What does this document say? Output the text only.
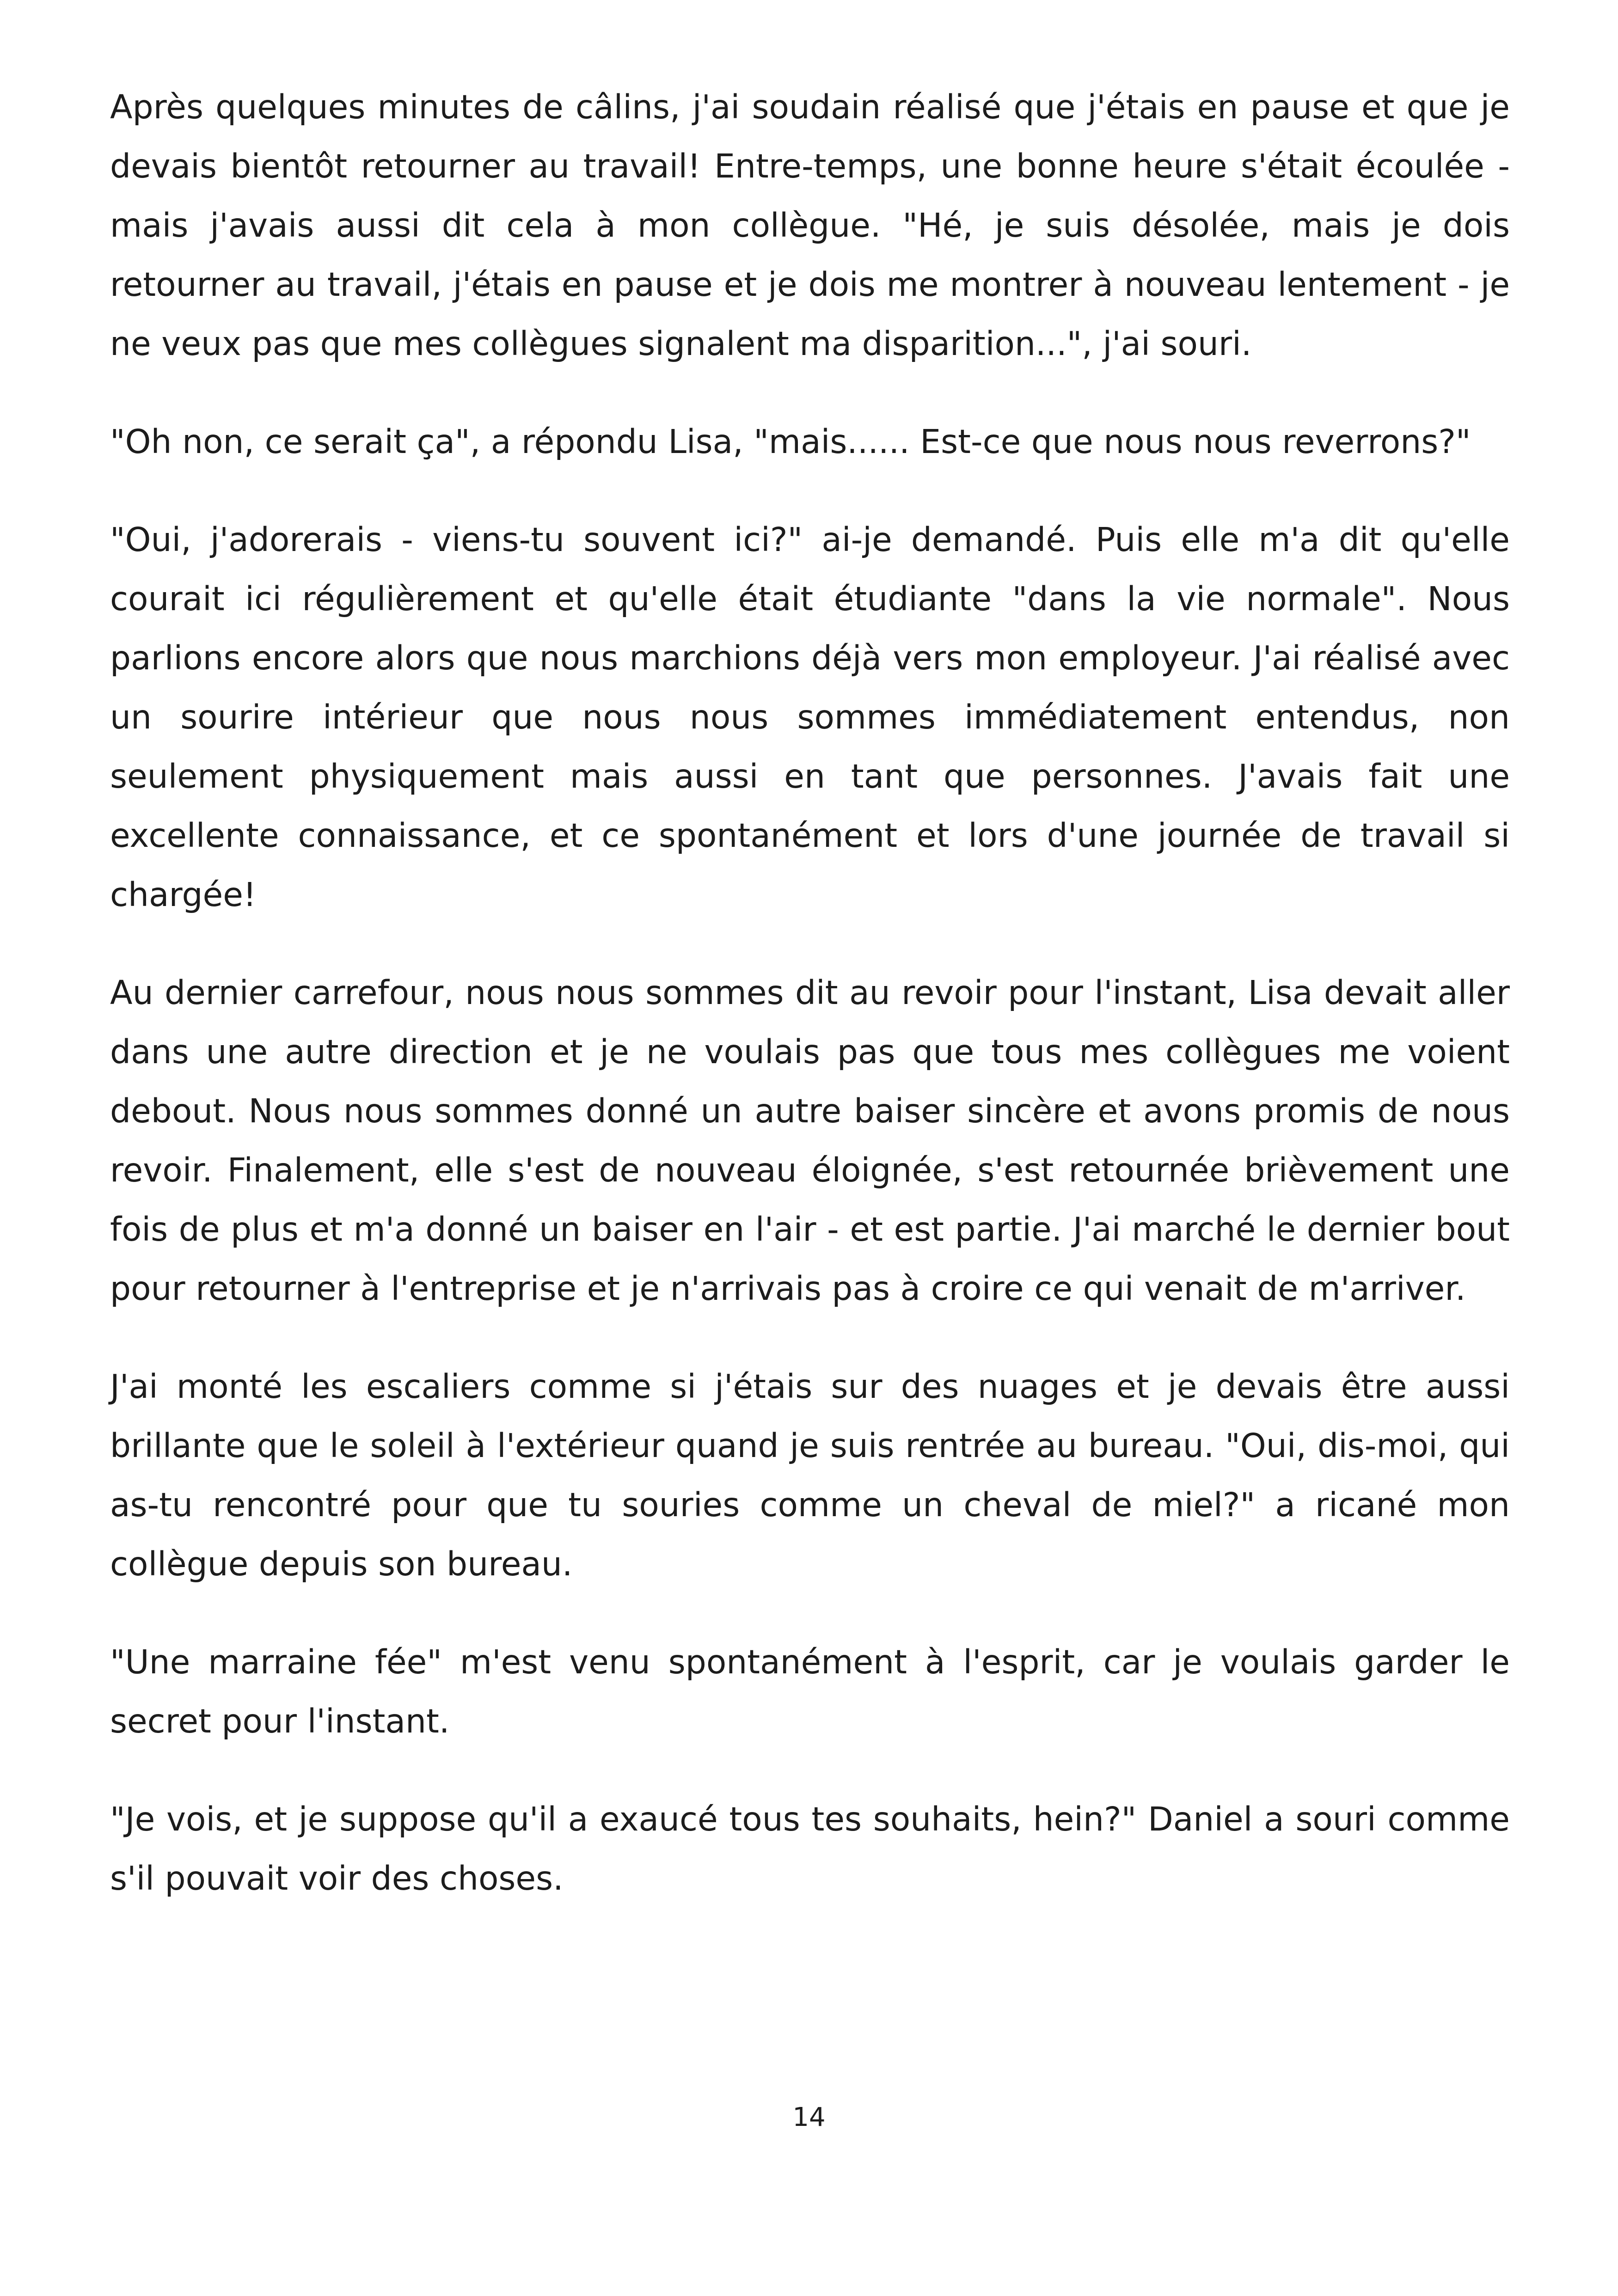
Après quelques minutes de câlins, j'ai soudain réalisé que j'étais en pause et que je devais bientôt retourner au travail! Entre-temps, une bonne heure s'était écoulée - mais j'avais aussi dit cela à mon collègue. "Hé, je suis désolée, mais je dois retourner au travail, j'étais en pause et je dois me montrer à nouveau lentement - je ne veux pas que mes collègues signalent ma disparition...", j'ai souri.

"Oh non, ce serait ça", a répondu Lisa, "mais...... Est-ce que nous nous reverrons?"

"Oui, j'adorerais - viens-tu souvent ici?" ai-je demandé. Puis elle m'a dit qu'elle courait ici régulièrement et qu'elle était étudiante "dans la vie normale". Nous parlions encore alors que nous marchions déjà vers mon employeur. J'ai réalisé avec un sourire intérieur que nous nous sommes immédiatement entendus, non seulement physiquement mais aussi en tant que personnes. J'avais fait une excellente connaissance, et ce spontanément et lors d'une journée de travail si chargée!

Au dernier carrefour, nous nous sommes dit au revoir pour l'instant, Lisa devait aller dans une autre direction et je ne voulais pas que tous mes collègues me voient debout. Nous nous sommes donné un autre baiser sincère et avons promis de nous revoir. Finalement, elle s'est de nouveau éloignée, s'est retournée brièvement une fois de plus et m'a donné un baiser en l'air - et est partie. J'ai marché le dernier bout pour retourner à l'entreprise et je n'arrivais pas à croire ce qui venait de m'arriver.

J'ai monté les escaliers comme si j'étais sur des nuages et je devais être aussi brillante que le soleil à l'extérieur quand je suis rentrée au bureau. "Oui, dis-moi, qui as-tu rencontré pour que tu souries comme un cheval de miel?" a ricané mon collègue depuis son bureau.

"Une marraine fée" m'est venu spontanément à l'esprit, car je voulais garder le secret pour l'instant.

"Je vois, et je suppose qu'il a exaucé tous tes souhaits, hein?" Daniel a souri comme s'il pouvait voir des choses.

14
